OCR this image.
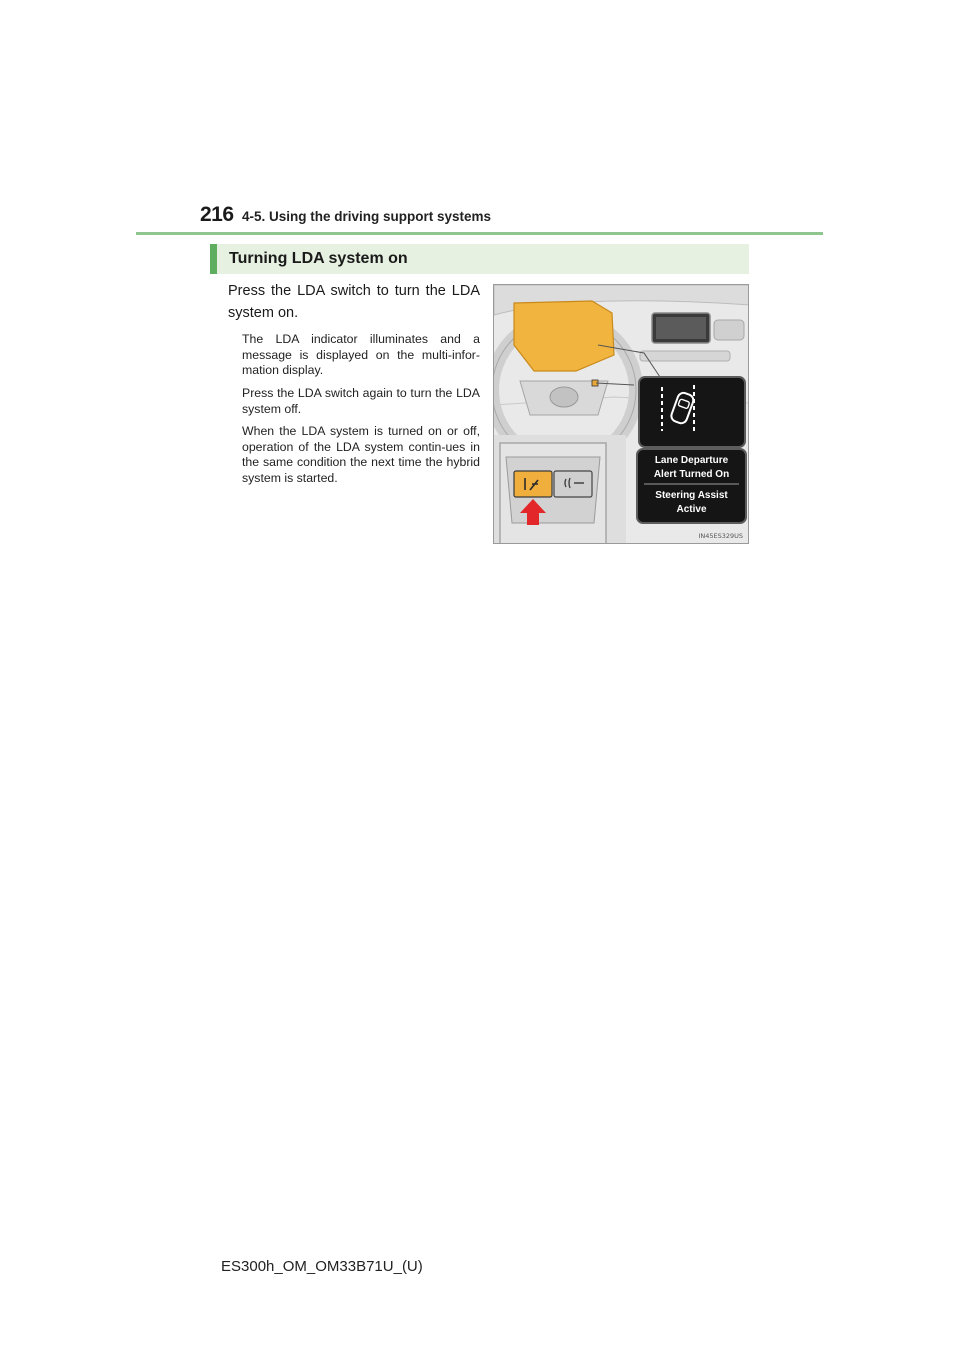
216 4-5. Using the driving support systems
Turning LDA system on
Press the LDA switch to turn the LDA system on.
The LDA indicator illuminates and a message is displayed on the multi-infor-mation display.
Press the LDA switch again to turn the LDA system off.
When the LDA system is turned on or off, operation of the LDA system contin-ues in the same condition the next time the hybrid system is started.
Lane Departure
Alert Turned On
Steering Assist
Active
IN45ES329US
ES300h_OM_OM33B71U_(U)
